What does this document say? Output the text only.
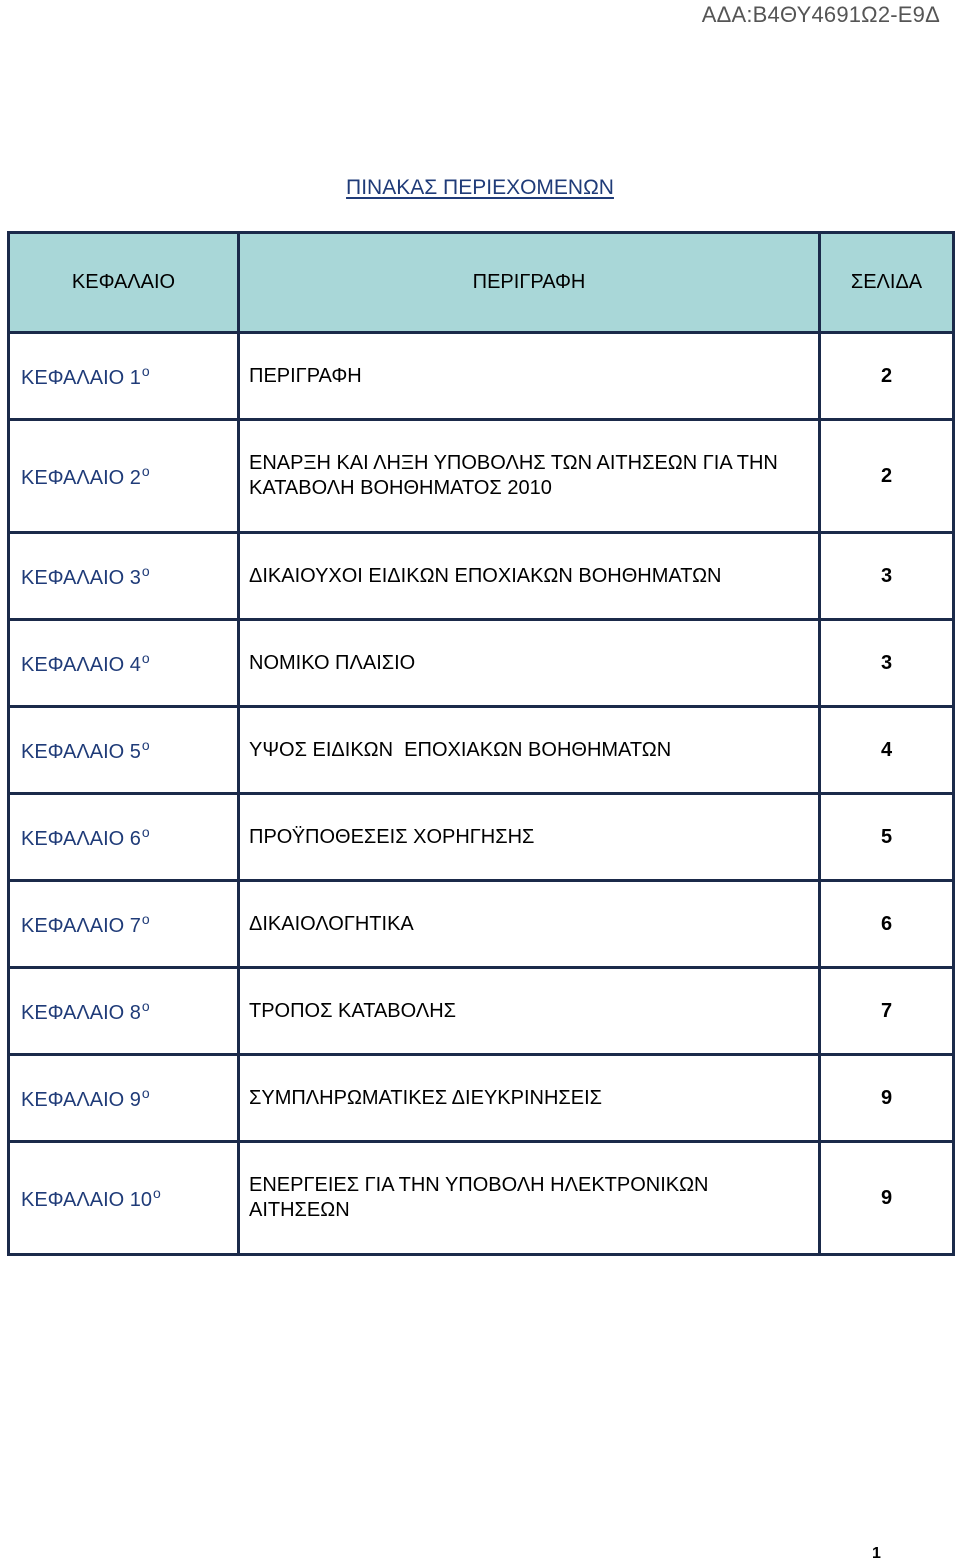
ΑΔΑ:Β4ΘΥ4691Ω2-Ε9Δ
ΠΙΝΑΚΑΣ ΠΕΡΙΕΧΟΜΕΝΩΝ
ΚΕΦΑΛΑΙΟ	ΠΕΡΙΓΡΑΦΗ	ΣΕΛΙΔΑ
ΚΕΦΑΛΑΙΟ $1^o$	ΠΕΡΙΓΡΑΦΗ	2
ΚΕΦΑΛΑΙΟ $2^o$	ΕΝΑΡΞΗ ΚΑΙ ΛΗΞΗ ΥΠΟΒΟΛΗΣ ΤΩΝ ΑΙΤΗΣΕΩΝ ΓΙΑ ΤΗΝ ΚΑΤΑΒΟΛΗ ΒΟΗΘΗΜΑΤΟΣ 2010	2
ΚΕΦΑΛΑΙΟ $3^o$	ΔΙΚΑΙΟΥΧΟΙ ΕΙΔΙΚΩΝ ΕΠΟΧΙΑΚΩΝ ΒΟΗΘΗΜΑΤΩΝ	3
ΚΕΦΑΛΑΙΟ $4^o$	ΝΟΜΙΚΟ ΠΛΑΙΣΙΟ	3
ΚΕΦΑΛΑΙΟ $5^o$	ΥΨΟΣ ΕΙΔΙΚΩΝ  ΕΠΟΧΙΑΚΩΝ ΒΟΗΘΗΜΑΤΩΝ	4
ΚΕΦΑΛΑΙΟ $6^o$	ΠΡΟΫΠΟΘΕΣΕΙΣ ΧΟΡΗΓΗΣΗΣ	5
ΚΕΦΑΛΑΙΟ $7^o$	ΔΙΚΑΙΟΛΟΓΗΤΙΚΑ	6
ΚΕΦΑΛΑΙΟ $8^o$	ΤΡΟΠΟΣ ΚΑΤΑΒΟΛΗΣ	7
ΚΕΦΑΛΑΙΟ $9^o$	ΣΥΜΠΛΗΡΩΜΑΤΙΚΕΣ ΔΙΕΥΚΡΙΝΗΣΕΙΣ	9
ΚΕΦΑΛΑΙΟ $10^o$	ΕΝΕΡΓΕΙΕΣ ΓΙΑ ΤΗΝ ΥΠΟΒΟΛΗ ΗΛΕΚΤΡΟΝΙΚΩΝ ΑΙΤΗΣΕΩΝ	9
1
